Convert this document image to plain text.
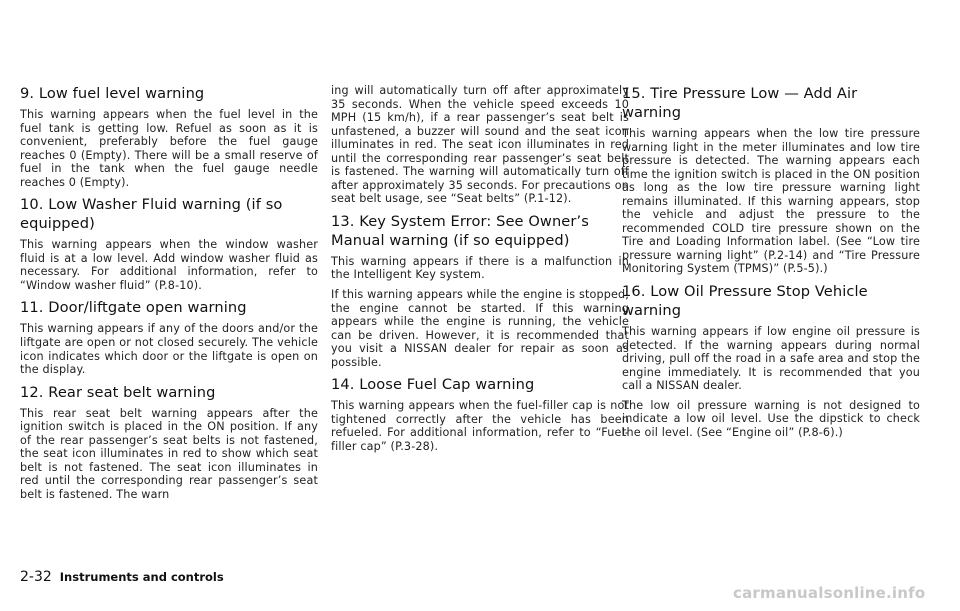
9. Low fuel level warning

This warning appears when the fuel level in the fuel tank is getting low. Refuel as soon as it is convenient, preferably before the fuel gauge reaches 0 (Empty). There will be a small reserve of fuel in the tank when the fuel gauge needle reaches 0 (Empty).

10. Low Washer Fluid warning (if so equipped)

This warning appears when the window washer fluid is at a low level. Add window washer fluid as necessary. For additional information, refer to “Window washer fluid” (P.8-10).

11. Door/liftgate open warning

This warning appears if any of the doors and/or the liftgate are open or not closed securely. The vehicle icon indicates which door or the liftgate is open on the display.

12. Rear seat belt warning

This rear seat belt warning appears after the ignition switch is placed in the ON position. If any of the rear passenger’s seat belts is not fastened, the seat icon illuminates in red to show which seat belt is not fastened. The seat icon illuminates in red until the corresponding rear passenger’s seat belt is fastened. The warn

ing will automatically turn off after approximately 35 seconds. When the vehicle speed exceeds 10 MPH (15 km/h), if a rear passenger’s seat belt is unfastened, a buzzer will sound and the seat icon illuminates in red. The seat icon illuminates in red until the corresponding rear passenger’s seat belt is fastened. The warning will automatically turn off after approximately 35 seconds. For precautions on seat belt usage, see “Seat belts” (P.1-12).

13. Key System Error: See Owner’s Manual warning (if so equipped)

This warning appears if there is a malfunction in the Intelligent Key system.

If this warning appears while the engine is stopped, the engine cannot be started. If this warning appears while the engine is running, the vehicle can be driven. However, it is recommended that you visit a NISSAN dealer for repair as soon as possible.

14. Loose Fuel Cap warning

This warning appears when the fuel-filler cap is not tightened correctly after the vehicle has been refueled. For additional information, refer to “Fuel-filler cap” (P.3-28).

15. Tire Pressure Low — Add Air warning

This warning appears when the low tire pressure warning light in the meter illuminates and low tire pressure is detected. The warning appears each time the ignition switch is placed in the ON position as long as the low tire pressure warning light remains illuminated. If this warning appears, stop the vehicle and adjust the pressure to the recommended COLD tire pressure shown on the Tire and Loading Information label. (See “Low tire pressure warning light” (P.2-14) and “Tire Pressure Monitoring System (TPMS)” (P.5-5).)

16. Low Oil Pressure Stop Vehicle warning

This warning appears if low engine oil pressure is detected. If the warning appears during normal driving, pull off the road in a safe area and stop the engine immediately. It is recommended that you call a NISSAN dealer.

The low oil pressure warning is not designed to indicate a low oil level. Use the dipstick to check the oil level. (See “Engine oil” (P.8-6).)

2-32 Instruments and controls
carmanualsonline.info
